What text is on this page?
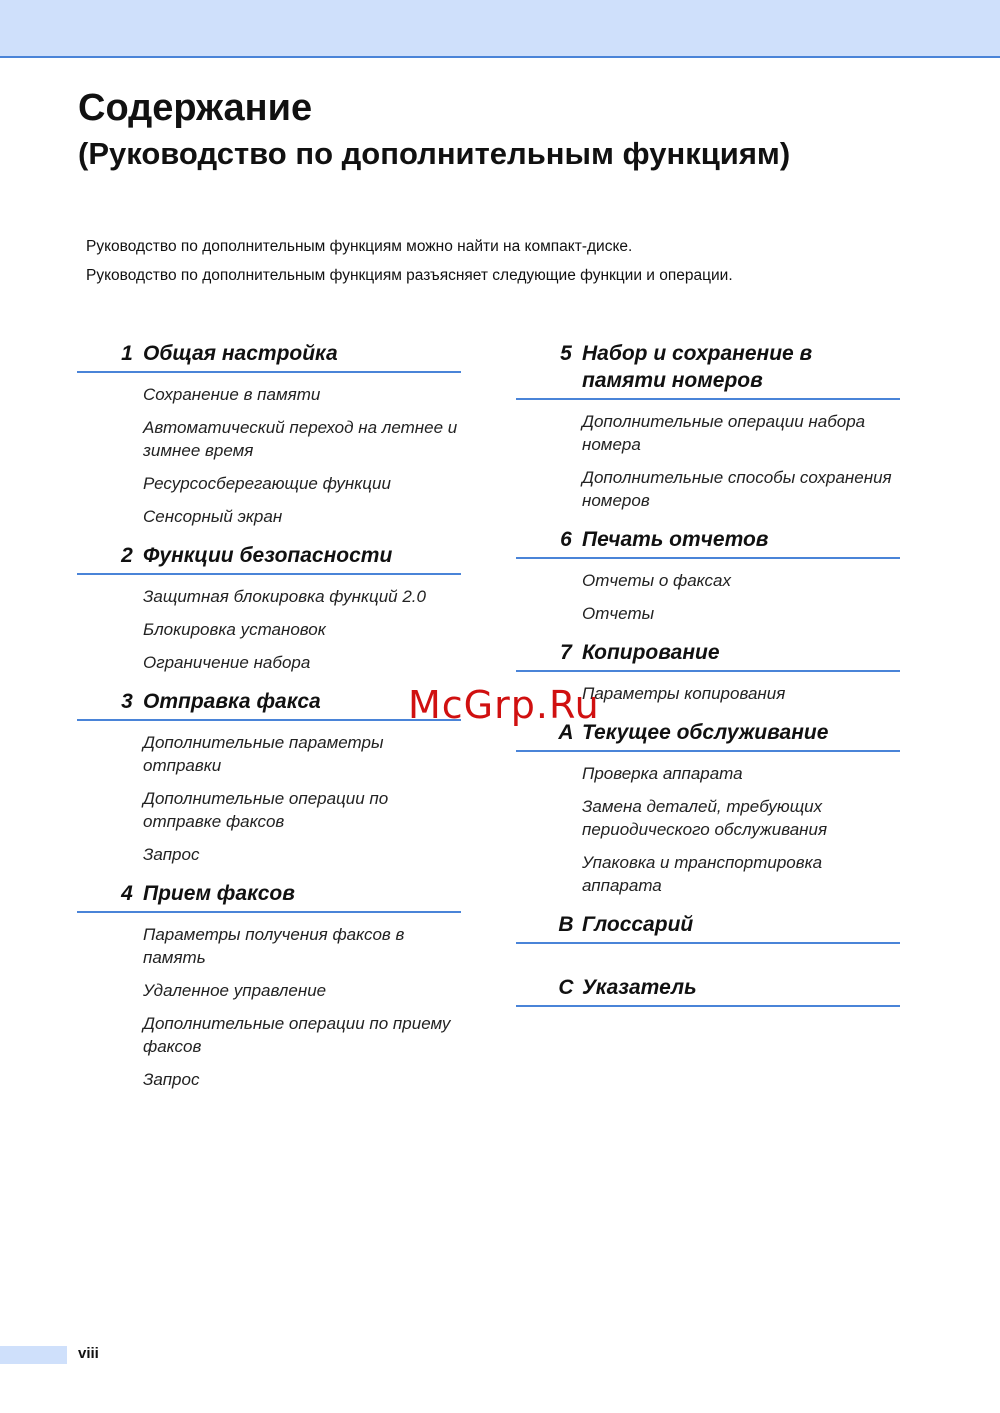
Содержание
(Руководство по дополнительным функциям)

Руководство по дополнительным функциям можно найти на компакт-диске.

Руководство по дополнительным функциям разъясняет следующие функции и операции.

1 Общая настройка
Сохранение в памяти
Автоматический переход на летнее и зимнее время
Ресурсосберегающие функции
Сенсорный экран
2 Функции безопасности
Защитная блокировка функций 2.0
Блокировка установок
Ограничение набора
3 Отправка факса
Дополнительные параметры отправки
Дополнительные операции по отправке факсов
Запрос
4 Прием факсов
Параметры получения факсов в память
Удаленное управление
Дополнительные операции по приему факсов
Запрос
5 Набор и сохранение в памяти номеров
Дополнительные операции набора номера
Дополнительные способы сохранения номеров
6 Печать отчетов
Отчеты о факсах
Отчеты
7 Копирование
Параметры копирования
A Текущее обслуживание
Проверка аппарата
Замена деталей, требующих периодического обслуживания
Упаковка и транспортировка аппарата
B Глоссарий
C Указатель
McGrp.Ru
viii
